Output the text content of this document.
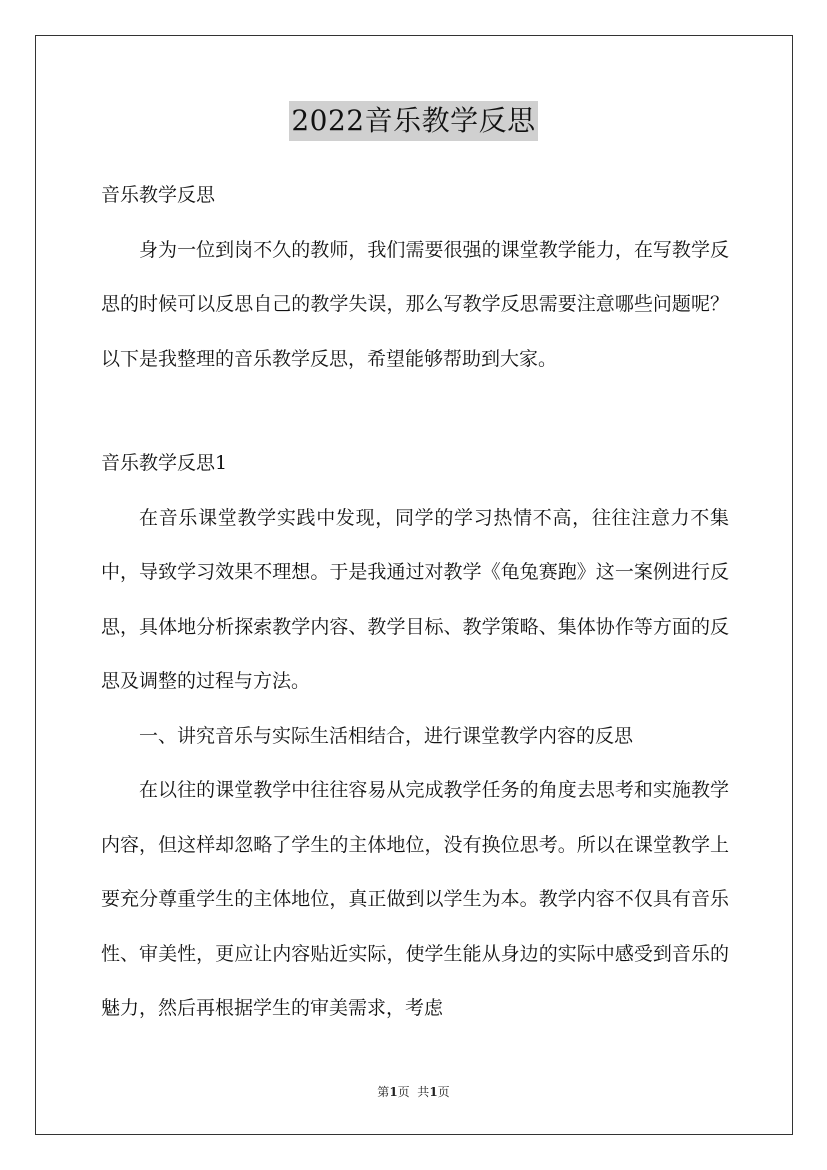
2022音乐教学反思

音乐教学反思

身为一位到岗不久的教师，我们需要很强的课堂教学能力，在写教学反思的时候可以反思自己的教学失误，那么写教学反思需要注意哪些问题呢？以下是我整理的音乐教学反思，希望能够帮助到大家。

音乐教学反思1

在音乐课堂教学实践中发现，同学的学习热情不高，往往注意力不集中，导致学习效果不理想。于是我通过对教学《龟兔赛跑》这一案例进行反思，具体地分析探索教学内容、教学目标、教学策略、集体协作等方面的反思及调整的过程与方法。

一、讲究音乐与实际生活相结合，进行课堂教学内容的反思

在以往的课堂教学中往往容易从完成教学任务的角度去思考和实施教学内容，但这样却忽略了学生的主体地位，没有换位思考。所以在课堂教学上要充分尊重学生的主体地位，真正做到以学生为本。教学内容不仅具有音乐性、审美性，更应让内容贴近实际，使学生能从身边的实际中感受到音乐的魅力，然后再根据学生的审美需求，考虑

第1页  共1页
